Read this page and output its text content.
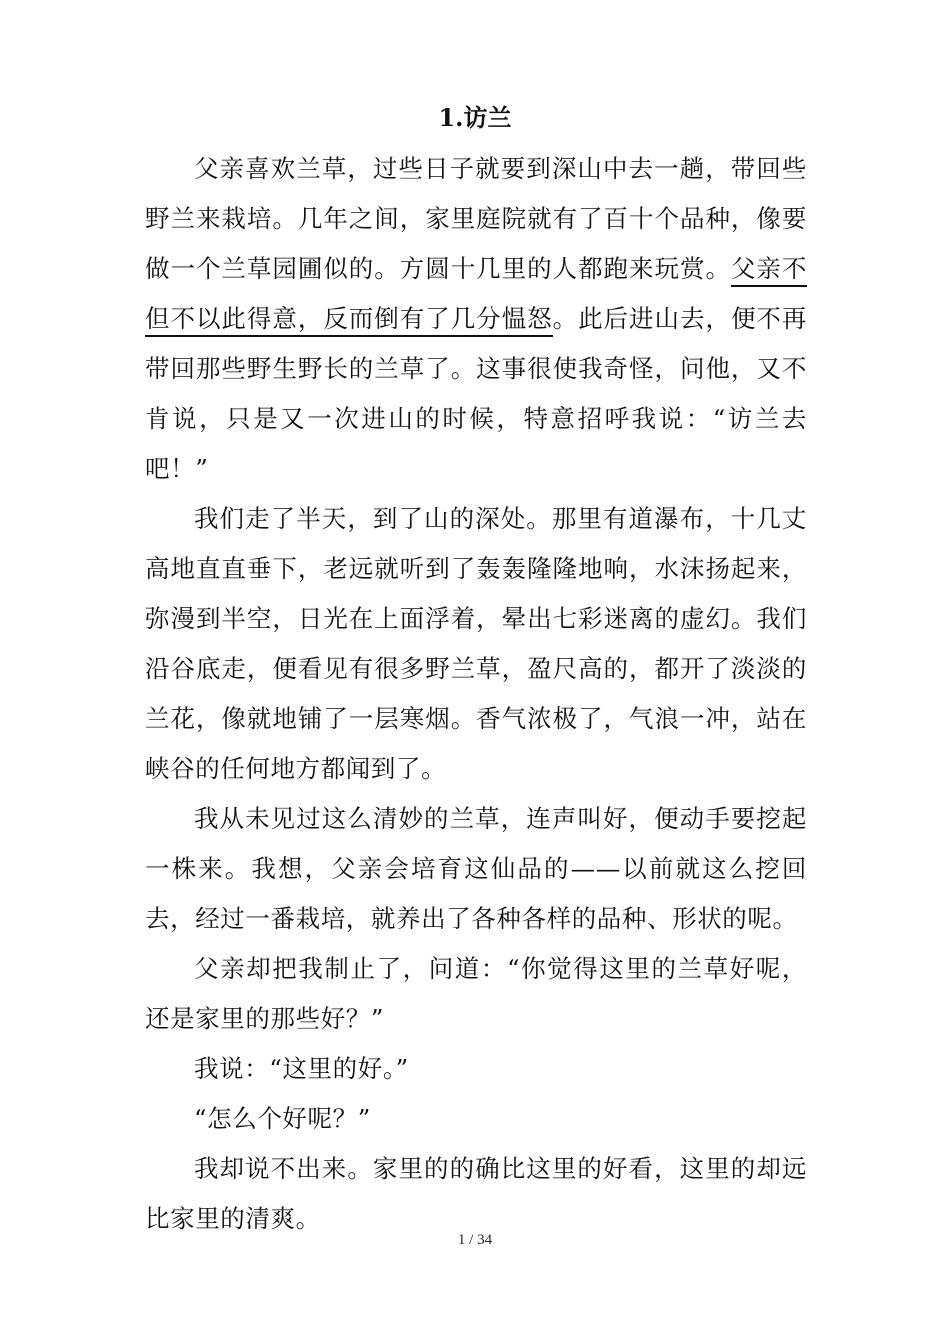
1.访兰

父亲喜欢兰草，过些日子就要到深山中去一趟，带回些野兰来栽培。几年之间，家里庭院就有了百十个品种，像要做一个兰草园圃似的。方圆十几里的人都跑来玩赏。父亲不但不以此得意，反而倒有了几分愠怒。此后进山去，便不再带回那些野生野长的兰草了。这事很使我奇怪，问他，又不肯说，只是又一次进山的时候，特意招呼我说：“访兰去吧！”

我们走了半天，到了山的深处。那里有道瀑布，十几丈高地直直垂下，老远就听到了轰轰隆隆地响，水沫扬起来，弥漫到半空，日光在上面浮着，晕出七彩迷离的虚幻。我们沿谷底走，便看见有很多野兰草，盈尺高的，都开了淡淡的兰花，像就地铺了一层寒烟。香气浓极了，气浪一冲，站在峡谷的任何地方都闻到了。

我从未见过这么清妙的兰草，连声叫好，便动手要挖起一株来。我想，父亲会培育这仙品的——以前就这么挖回去，经过一番栽培，就养出了各种各样的品种、形状的呢。

父亲却把我制止了，问道：“你觉得这里的兰草好呢，还是家里的那些好？”

我说：“这里的好。”

“怎么个好呢？”

我却说不出来。家里的的确比这里的好看，这里的却远比家里的清爽。

1 / 34
